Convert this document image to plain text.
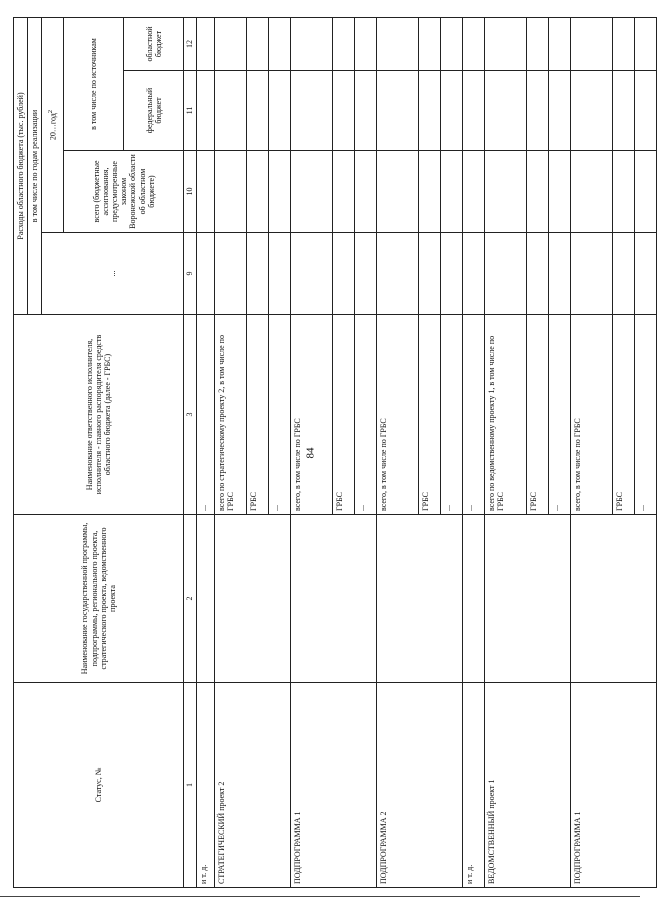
84
Статус, №	Наименование государственной программы, подпрограммы, регионального проекта, стратегического проекта, ведомственного проекта	Наименование ответственного исполнителя, исполнителя - главного распорядителя средств областного бюджета (далее - ГРБС)	Расходы областного бюджета (тыс. рублей)			
			в том числе по годам реализации			
			...	20…год$^2$
				всего (бюджетные ассигнования, предусмотренные законом Воронежской области об областном бюджете)	в том числе по источникам	
					федеральный бюджет	областной бюджет
1	2	3	9	10	11	12
и т. д.		...				
СТРАТЕГИЧЕСКИЙ проект 2		всего по стратегическому проекту 2, в том числе по ГРБС				
		ГРБС				
		...				
ПОДПРОГРАММА 1		всего, в том числе по ГРБС				
		ГРБС				
		...				
ПОДПРОГРАММА 2		всего, в том числе по ГРБС				
		ГРБС				
		...				
и т. д.		...				
ВЕДОМСТВЕННЫЙ проект 1		всего по ведомственному проекту 1, в том числе по ГРБС				
		ГРБС				
		...				
ПОДПРОГРАММА 1		всего, в том числе по ГРБС				
		ГРБС				
		...				
